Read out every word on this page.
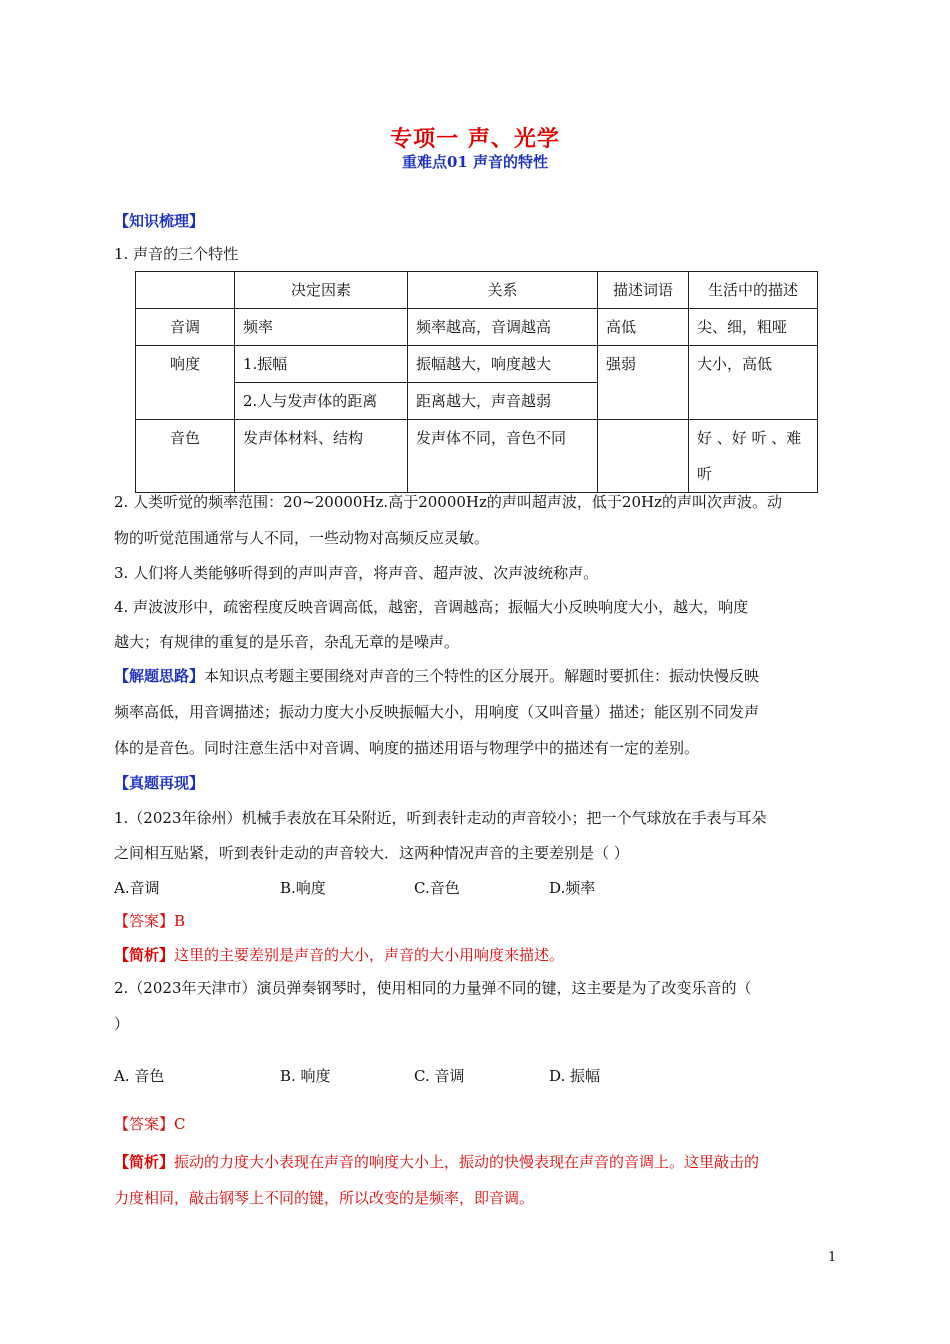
专项一 声、光学
重难点01 声音的特性
【知识梳理】
1. 声音的三个特性
	决定因素	关系	描述词语	生活中的描述
音调	频率	频率越高，音调越高	高低	尖、细，粗哑
响度	1.振幅	振幅越大，响度越大	强弱	大小，高低
	2.人与发声体的距离	距离越大，声音越弱		
音色	发声体材料、结构	发声体不同，音色不同		好 、好 听 、难
听
2. 人类听觉的频率范围：20~20000Hz.高于20000Hz的声叫超声波，低于20Hz的声叫次声波。动
物的听觉范围通常与人不同，一些动物对高频反应灵敏。
3. 人们将人类能够听得到的声叫声音，将声音、超声波、次声波统称声。
4. 声波波形中，疏密程度反映音调高低，越密，音调越高；振幅大小反映响度大小，越大，响度
越大；有规律的重复的是乐音，杂乱无章的是噪声。
【解题思路】本知识点考题主要围绕对声音的三个特性的区分展开。解题时要抓住：振动快慢反映
频率高低，用音调描述；振动力度大小反映振幅大小，用响度（又叫音量）描述；能区别不同发声
体的是音色。同时注意生活中对音调、响度的描述用语与物理学中的描述有一定的差别。
【真题再现】
1.（2023年徐州）机械手表放在耳朵附近，听到表针走动的声音较小；把一个气球放在手表与耳朵
之间相互贴紧，听到表针走动的声音较大．这两种情况声音的主要差别是（ ）
A.音调	B.响度	C.音色	D.频率
【答案】B
【简析】这里的主要差别是声音的大小，声音的大小用响度来描述。
2.（2023年天津市）演员弹奏钢琴时，使用相同的力量弹不同的键，这主要是为了改变乐音的（
）
A. 音色	B. 响度	C. 音调	D. 振幅
【答案】C
【简析】振动的力度大小表现在声音的响度大小上，振动的快慢表现在声音的音调上。这里敲击的
力度相同，敲击钢琴上不同的键，所以改变的是频率，即音调。
1
